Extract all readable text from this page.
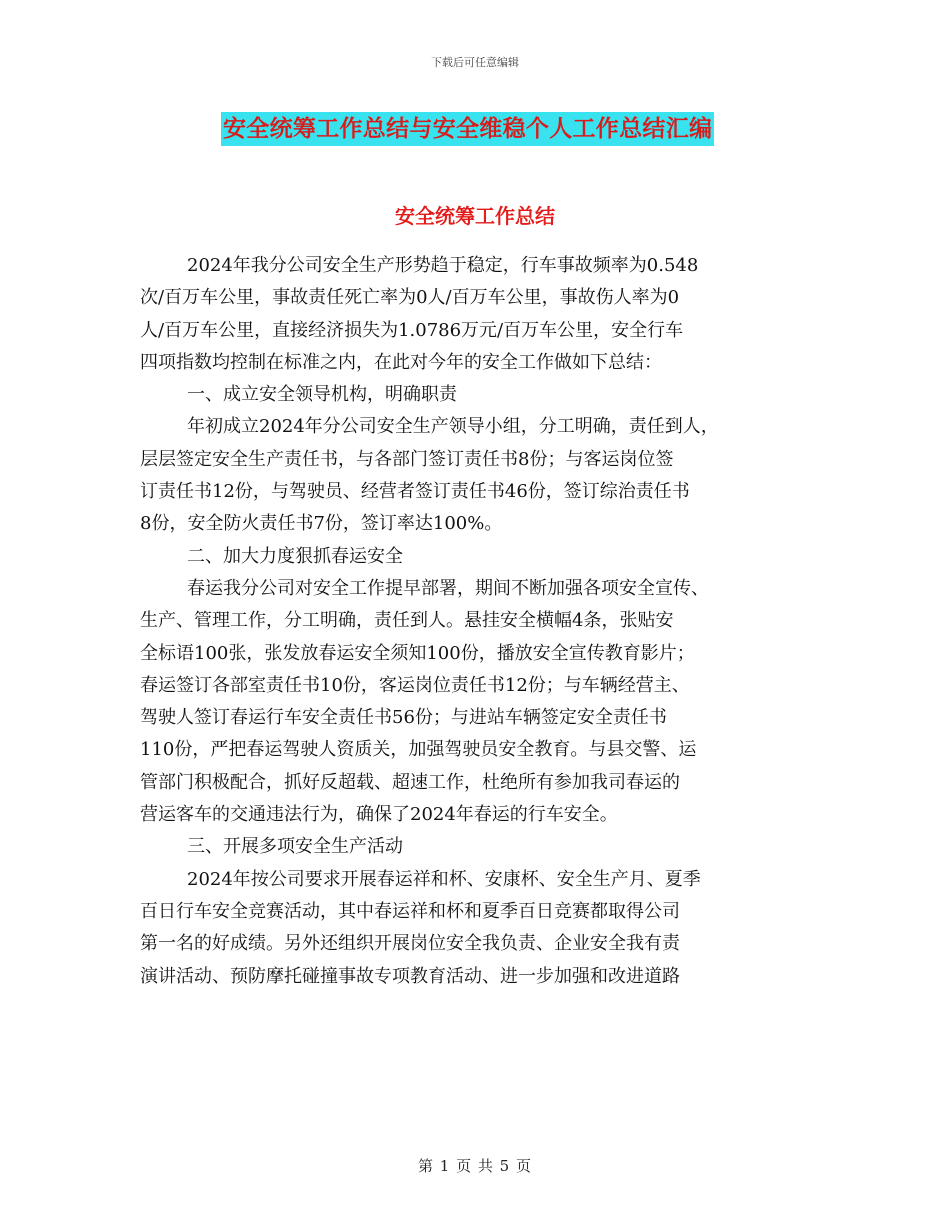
下载后可任意编辑
安全统筹工作总结与安全维稳个人工作总结汇编
安全统筹工作总结
2024年我分公司安全生产形势趋于稳定，行车事故频率为0.548
次/百万车公里，事故责任死亡率为0人/百万车公里，事故伤人率为0
人/百万车公里，直接经济损失为1.0786万元/百万车公里，安全行车
四项指数均控制在标准之内，在此对今年的安全工作做如下总结：
一、成立安全领导机构，明确职责
年初成立2024年分公司安全生产领导小组，分工明确，责任到人，
层层签定安全生产责任书，与各部门签订责任书8份；与客运岗位签
订责任书12份，与驾驶员、经营者签订责任书46份，签订综治责任书
8份，安全防火责任书7份，签订率达100%。
二、加大力度狠抓春运安全
春运我分公司对安全工作提早部署，期间不断加强各项安全宣传、
生产、管理工作，分工明确，责任到人。悬挂安全横幅4条，张贴安
全标语100张，张发放春运安全须知100份，播放安全宣传教育影片；
春运签订各部室责任书10份，客运岗位责任书12份；与车辆经营主、
驾驶人签订春运行车安全责任书56份；与进站车辆签定安全责任书
110份，严把春运驾驶人资质关，加强驾驶员安全教育。与县交警、运
管部门积极配合，抓好反超载、超速工作，杜绝所有参加我司春运的
营运客车的交通违法行为，确保了2024年春运的行车安全。
三、开展多项安全生产活动
2024年按公司要求开展春运祥和杯、安康杯、安全生产月、夏季
百日行车安全竞赛活动，其中春运祥和杯和夏季百日竞赛都取得公司
第一名的好成绩。另外还组织开展岗位安全我负责、企业安全我有责
演讲活动、预防摩托碰撞事故专项教育活动、进一步加强和改进道路
第 1 页 共 5 页
